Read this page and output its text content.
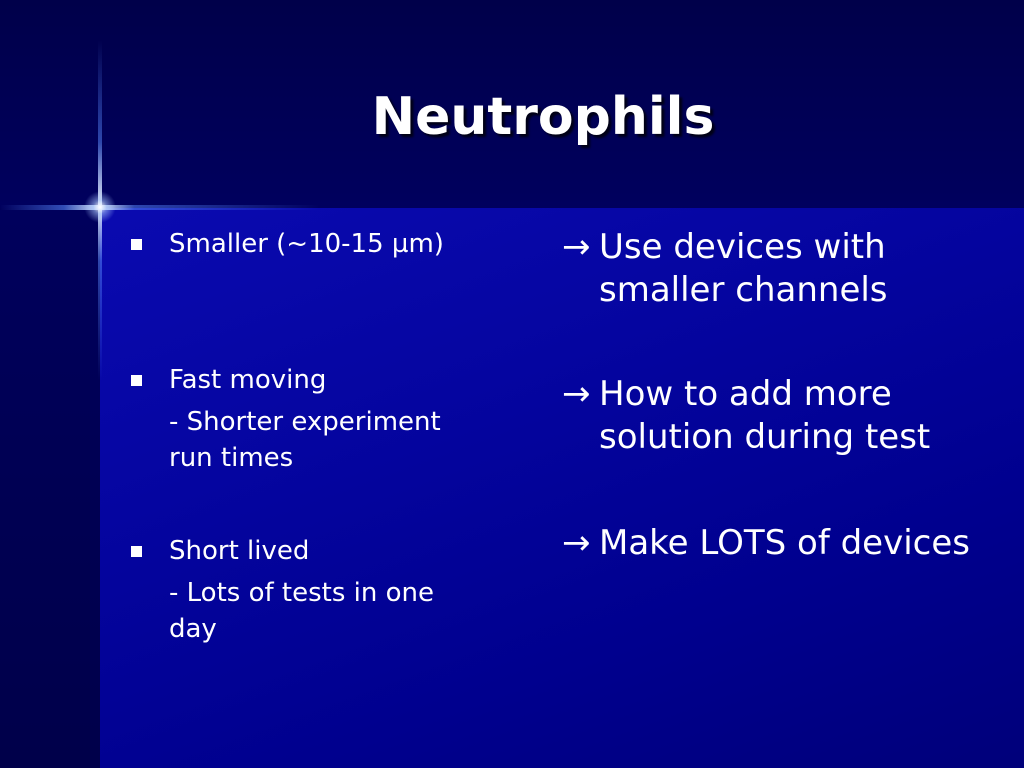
Neutrophils
Smaller (~10-15 µm)
Fast moving
- Shorter experiment run times
Short lived
- Lots of tests in one day
→ Use devices with smaller channels
→ How to add more solution during test
→ Make LOTS of devices
